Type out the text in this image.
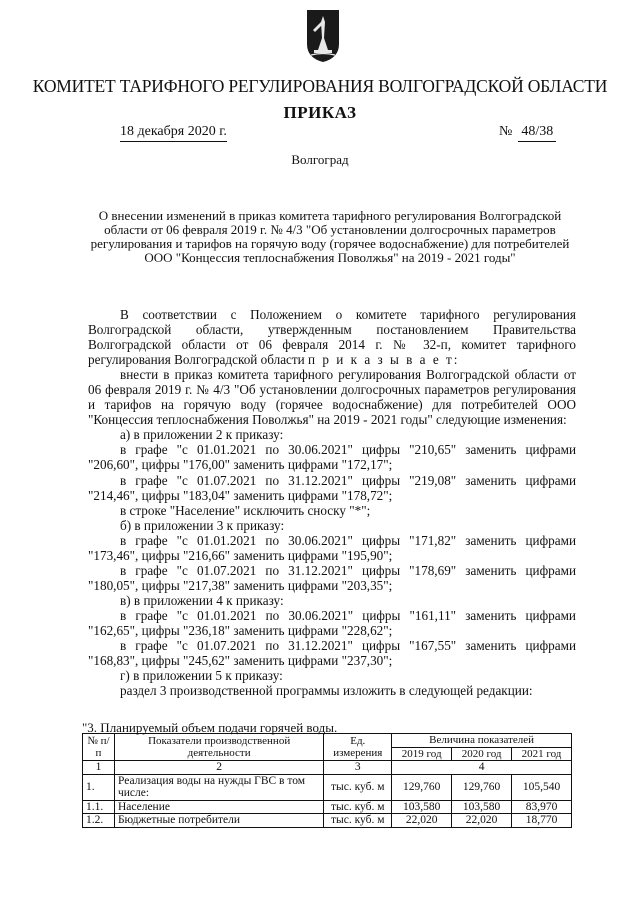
КОМИТЕТ ТАРИФНОГО РЕГУЛИРОВАНИЯ ВОЛГОГРАДСКОЙ ОБЛАСТИ
ПРИКАЗ
18 декабря 2020 г.	№ 48/38
Волгоград
О внесении изменений в приказ комитета тарифного регулирования Волгоградской
области от 06 февраля 2019 г. № 4/3 "Об установлении долгосрочных параметров
регулирования и тарифов на горячую воду (горячее водоснабжение) для потребителей
ООО "Концессия теплоснабжения Поволжья" на 2019 - 2021 годы"

В соответствии с Положением о комитете тарифного регулирования Волгоградской области, утвержденным постановлением Правительства Волгоградской области от 06 февраля 2014 г. № 32-п, комитет тарифного регулирования Волгоградской области п р и к а з ы в а е т:

внести в приказ комитета тарифного регулирования Волгоградской области от 06 февраля 2019 г. № 4/3 "Об установлении долгосрочных параметров регулирования и тарифов на горячую воду (горячее водоснабжение) для потребителей ООО "Концессия теплоснабжения Поволжья" на 2019 - 2021 годы" следующие изменения:

а) в приложении 2 к приказу:

в графе "с 01.01.2021 по 30.06.2021" цифры "210,65" заменить цифрами "206,60", цифры "176,00" заменить цифрами "172,17";

в графе "с 01.07.2021 по 31.12.2021" цифры "219,08" заменить цифрами "214,46", цифры "183,04" заменить цифрами "178,72";

в строке "Население" исключить сноску "*";

б) в приложении 3 к приказу:

в графе "с 01.01.2021 по 30.06.2021" цифры "171,82" заменить цифрами "173,46", цифры "216,66" заменить цифрами "195,90";

в графе "с 01.07.2021 по 31.12.2021" цифры "178,69" заменить цифрами "180,05", цифры "217,38" заменить цифрами "203,35";

в) в приложении 4 к приказу:

в графе "с 01.01.2021 по 30.06.2021" цифры "161,11" заменить цифрами "162,65", цифры "236,18" заменить цифрами "228,62";

в графе "с 01.07.2021 по 31.12.2021" цифры "167,55" заменить цифрами "168,83", цифры "245,62" заменить цифрами "237,30";

г) в приложении 5 к приказу:

раздел 3 производственной программы изложить в следующей редакции:

"3. Планируемый объем подачи горячей воды.
№ п/п	Показатели производственной деятельности	Ед. измерения	Величина показателей		
			2019 год	2020 год	2021 год
1	2	3	4		
1.	Реализация воды на нужды ГВС в том числе:	тыс. куб. м	129,760	129,760	105,540
1.1.	Население	тыс. куб. м	103,580	103,580	83,970
1.2.	Бюджетные потребители	тыс. куб. м	22,020	22,020	18,770
